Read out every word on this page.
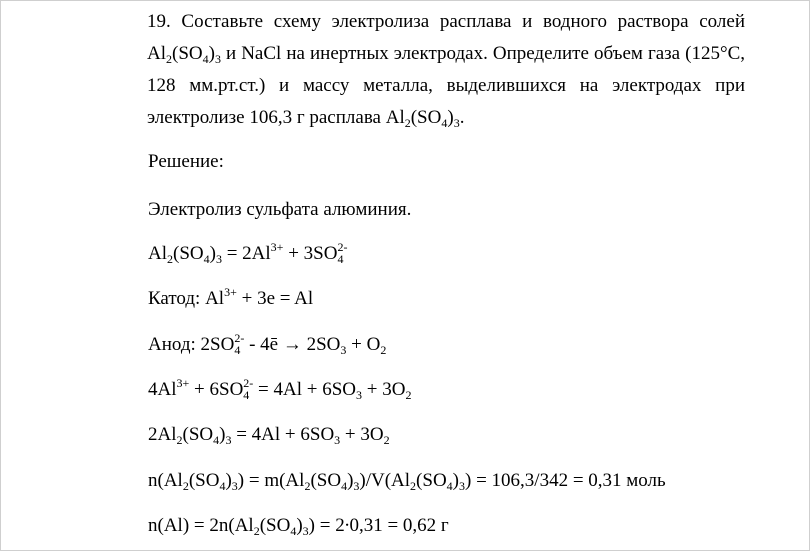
19. Составьте схему электролиза расплава и водного раствора солей $Al_2(SO_4)_3$ и NaCl на инертных электродах. Определите объем газа (125°C, 128 мм.рт.ст.) и массу металла, выделившихся на электродах при электролизе 106,3 г расплава $Al_2(SO_4)_3$.
Решение:
Электролиз сульфата алюминия.
$Al_2(SO_4)_3 = 2Al^{3+} + 3SO_4^{2-}$
Катод: $Al^{3+} + 3e = Al$
Анод: $2SO_4^{2-}$ - 4ē → $2SO_3 + O_2$
$4Al^{3+} + 6SO_4^{2-} = 4Al + 6SO_3 + 3O_2$
$2Al_2(SO_4)_3 = 4Al + 6SO_3 + 3O_2$
$n(Al_2(SO_4)_3) = m(Al_2(SO_4)_3)/V(Al_2(SO_4)_3) = 106,3/342 = 0,31$ моль
$n(Al) = 2n(Al_2(SO_4)_3) = 2\cdot 0,31 = 0,62$ г
